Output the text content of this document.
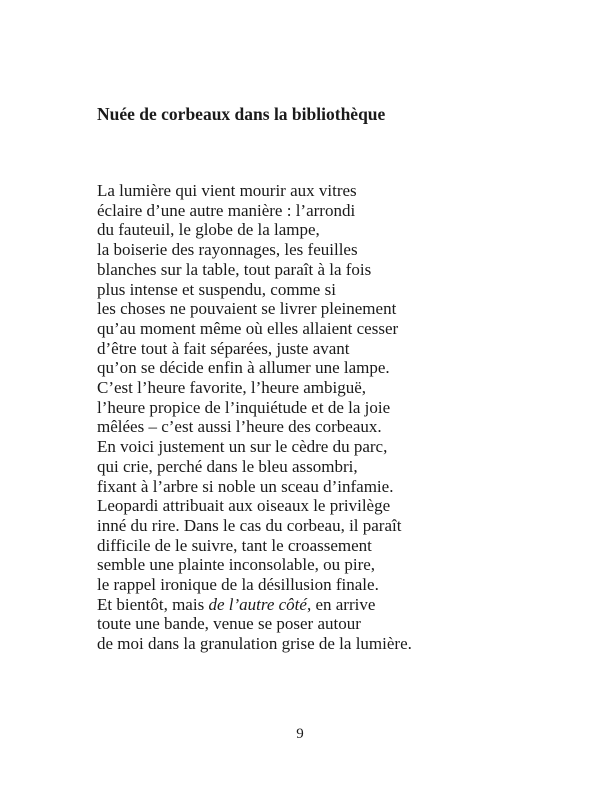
Nuée de corbeaux dans la bibliothèque
La lumière qui vient mourir aux vitres
éclaire d’une autre manière : l’arrondi
du fauteuil, le globe de la lampe,
la boiserie des rayonnages, les feuilles
blanches sur la table, tout paraît à la fois
plus intense et suspendu, comme si
les choses ne pouvaient se livrer pleinement
qu’au moment même où elles allaient cesser
d’être tout à fait séparées, juste avant
qu’on se décide enfin à allumer une lampe.
C’est l’heure favorite, l’heure ambiguë,
l’heure propice de l’inquiétude et de la joie
mêlées – c’est aussi l’heure des corbeaux.
En voici justement un sur le cèdre du parc,
qui crie, perché dans le bleu assombri,
fixant à l’arbre si noble un sceau d’infamie.
Leopardi attribuait aux oiseaux le privilège
inné du rire. Dans le cas du corbeau, il paraît
difficile de le suivre, tant le croassement
semble une plainte inconsolable, ou pire,
le rappel ironique de la désillusion finale.
Et bientôt, mais de l’autre côté, en arrive
toute une bande, venue se poser autour
de moi dans la granulation grise de la lumière.
9
